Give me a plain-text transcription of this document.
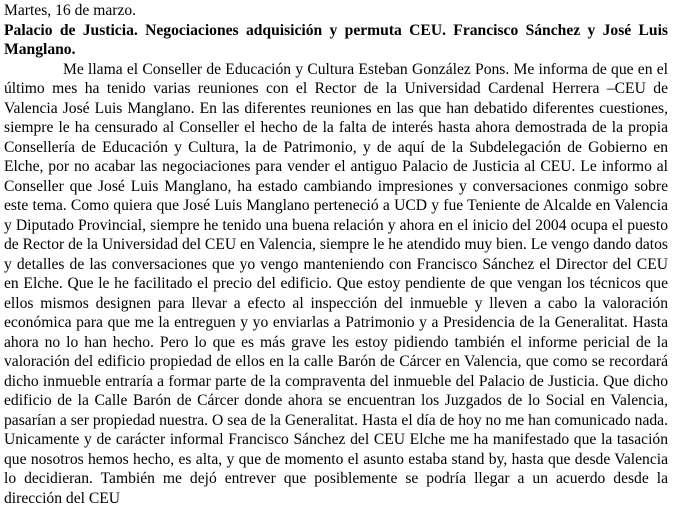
Martes, 16 de marzo.

Palacio de Justicia. Negociaciones adquisición y permuta CEU. Francisco Sánchez y José Luis Manglano.

Me llama el Conseller de Educación y Cultura Esteban González Pons. Me informa de que en el último mes ha tenido varias reuniones con el Rector de la Universidad Cardenal Herrera –CEU de Valencia José Luis Manglano. En las diferentes reuniones en las que han debatido diferentes cuestiones, siempre le ha censurado al Conseller el hecho de la falta de interés hasta ahora demostrada de la propia Consellería de Educación y Cultura, la de Patrimonio, y de aquí de la Subdelegación de Gobierno en Elche, por no acabar las negociaciones para vender el antiguo Palacio de Justicia al CEU. Le informo al Conseller que José Luis Manglano, ha estado cambiando impresiones y conversaciones conmigo sobre este tema. Como quiera que José Luis Manglano perteneció a UCD y fue Teniente de Alcalde en Valencia y Diputado Provincial, siempre he tenido una buena relación y ahora en el inicio del 2004 ocupa el puesto de Rector de la Universidad del CEU en Valencia, siempre le he atendido muy bien. Le vengo dando datos y detalles de las conversaciones que yo vengo manteniendo con Francisco Sánchez el Director del CEU en Elche. Que le he facilitado el precio del edificio. Que estoy pendiente de que vengan los técnicos que ellos mismos designen para llevar a efecto al inspección del inmueble y lleven a cabo la valoración económica para que me la entreguen y yo enviarlas a Patrimonio y a Presidencia de la Generalitat. Hasta ahora no lo han hecho. Pero lo que es más grave les estoy pidiendo también el informe pericial de la valoración del edificio propiedad de ellos en la calle Barón de Cárcer en Valencia, que como se recordará dicho inmueble entraría a formar parte de la compraventa del inmueble del Palacio de Justicia. Que dicho edificio de la Calle Barón de Cárcer donde ahora se encuentran los Juzgados de lo Social en Valencia, pasarían a ser propiedad nuestra. O sea de la Generalitat. Hasta el día de hoy no me han comunicado nada. Unicamente y de carácter informal Francisco Sánchez del CEU Elche me ha manifestado que la tasación que nosotros hemos hecho, es alta, y que de momento el asunto estaba stand by, hasta que desde Valencia lo decidieran. También me dejó entrever que posiblemente se podría llegar a un acuerdo desde la dirección del CEU
